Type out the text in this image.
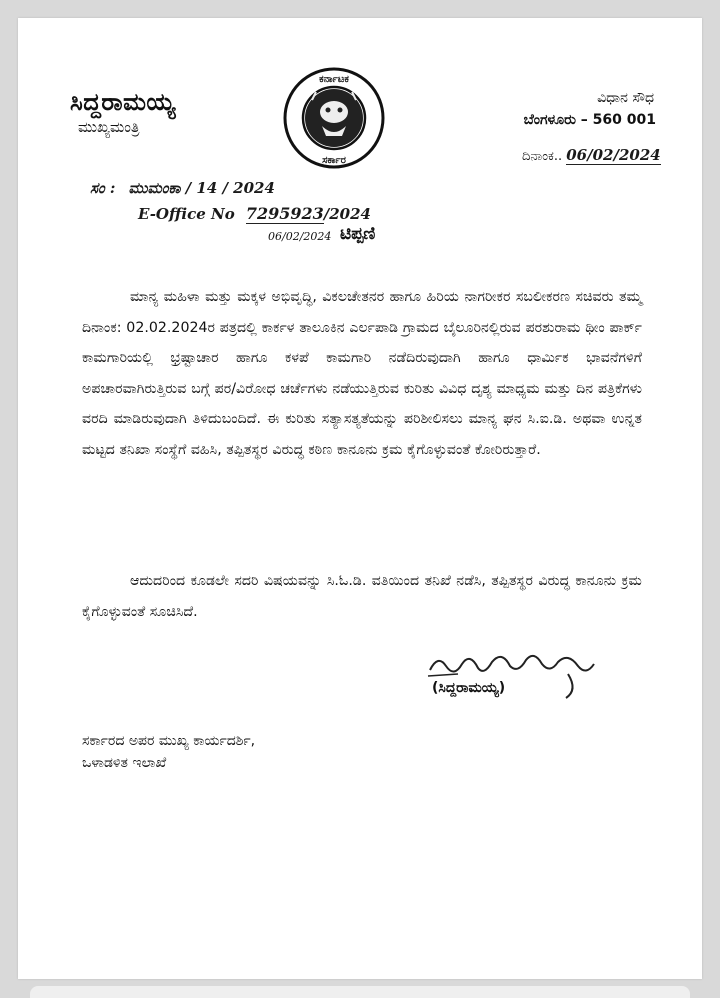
ಸಿದ್ದರಾಮಯ್ಯ
ಮುಖ್ಯಮಂತ್ರಿ
ಕರ್ನಾಟಕ
ಸರ್ಕಾರ
ವಿಧಾನ ಸೌಧ
ಬೆಂಗಳೂರು – 560 001
ದಿನಾಂಕ.. 06/02/2024
ಸಂ : ಮುಮಂಕಾ / 14 / 2024
E-Office No 7295923/2024
06/02/2024 ಟಿಪ್ಪಣಿ
ಮಾನ್ಯ ಮಹಿಳಾ ಮತ್ತು ಮಕ್ಕಳ ಅಭಿವೃದ್ಧಿ, ವಿಕಲಚೇತನರ ಹಾಗೂ ಹಿರಿಯ ನಾಗರೀಕರ ಸಬಲೀಕರಣ ಸಚಿವರು ತಮ್ಮ ದಿನಾಂಕ: 02.02.2024ರ ಪತ್ರದಲ್ಲಿ ಕಾರ್ಕಳ ತಾಲೂಕಿನ ಎರ್ಲಪಾಡಿ ಗ್ರಾಮದ ಬೈಲೂರಿನಲ್ಲಿರುವ ಪರಶುರಾಮ ಥೀಂ ಪಾರ್ಕ್ ಕಾಮಗಾರಿಯಲ್ಲಿ ಭ್ರಷ್ಟಾಚಾರ ಹಾಗೂ ಕಳಪೆ ಕಾಮಗಾರಿ ನಡೆದಿರುವುದಾಗಿ ಹಾಗೂ ಧಾರ್ಮಿಕ ಭಾವನೆಗಳಿಗೆ ಅಪಚಾರವಾಗಿರುತ್ತಿರುವ ಬಗ್ಗೆ ಪರ/ವಿರೋಧ ಚರ್ಚೆಗಳು ನಡೆಯುತ್ತಿರುವ ಕುರಿತು ವಿವಿಧ ದೃಶ್ಯ ಮಾಧ್ಯಮ ಮತ್ತು ದಿನ ಪತ್ರಿಕೆಗಳು ವರದಿ ಮಾಡಿರುವುದಾಗಿ ತಿಳಿದುಬಂದಿದೆ. ಈ ಕುರಿತು ಸತ್ಯಾಸತ್ಯತೆಯನ್ನು ಪರಿಶೀಲಿಸಲು ಮಾನ್ಯ ಘನ ಸಿ.ಐ.ಡಿ. ಅಥವಾ ಉನ್ನತ ಮಟ್ಟದ ತನಿಖಾ ಸಂಸ್ಥೆಗೆ ವಹಿಸಿ, ತಪ್ಪಿತಸ್ಥರ ವಿರುದ್ಧ ಕಠಿಣ ಕಾನೂನು ಕ್ರಮ ಕೈಗೊಳ್ಳುವಂತೆ ಕೋರಿರುತ್ತಾರೆ.
ಆದುದರಿಂದ ಕೂಡಲೇ ಸದರಿ ವಿಷಯವನ್ನು ಸಿ.ಓ.ಡಿ. ವತಿಯಿಂದ ತನಿಖೆ ನಡೆಸಿ, ತಪ್ಪಿತಸ್ಥರ ವಿರುದ್ಧ ಕಾನೂನು ಕ್ರಮ ಕೈಗೊಳ್ಳುವಂತೆ ಸೂಚಿಸಿದೆ.
(ಸಿದ್ದರಾಮಯ್ಯ)
ಸರ್ಕಾರದ ಅಪರ ಮುಖ್ಯ ಕಾರ್ಯದರ್ಶಿ,
ಒಳಾಡಳಿತ ಇಲಾಖೆ
